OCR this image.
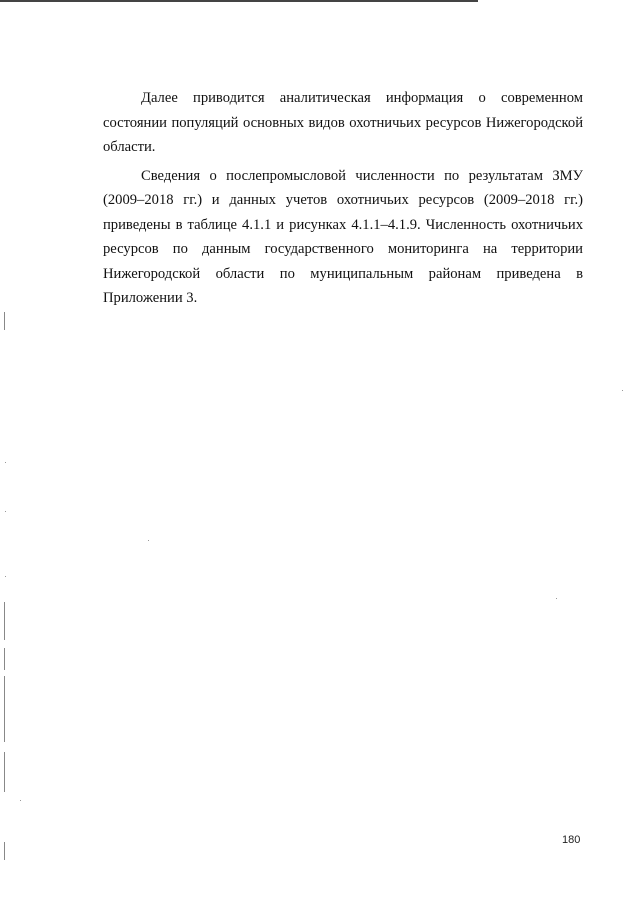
Далее приводится аналитическая информация о современном состоянии популяций основных видов охотничьих ресурсов Нижегородской области.

Сведения о послепромысловой численности по результатам ЗМУ (2009–2018 гг.) и данных учетов охотничьих ресурсов (2009–2018 гг.) приведены в таблице 4.1.1 и рисунках 4.1.1–4.1.9. Численность охотничьих ресурсов по данным государственного мониторинга на территории Нижегородской области по муниципальным районам приведена в Приложении 3.

180
